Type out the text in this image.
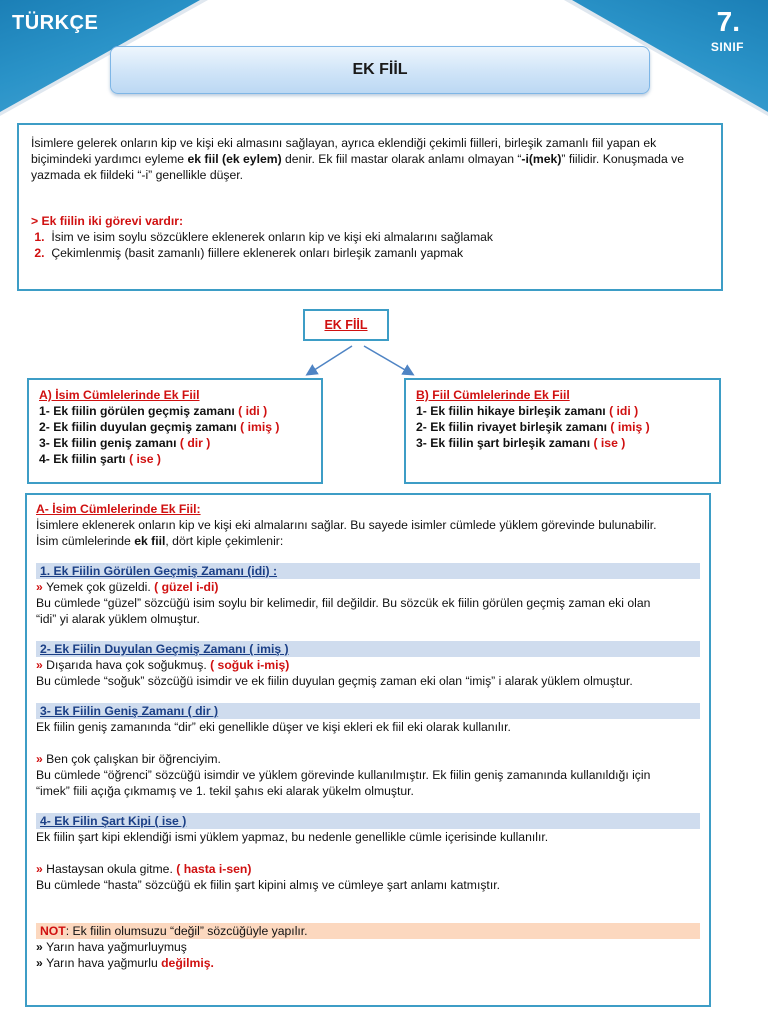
TÜRKÇE	7.
SINIF
EK FİİL
İsimlere gelerek onların kip ve kişi eki almasını sağlayan, ayrıca eklendiği çekimli fiilleri, birleşik zamanlı fiil yapan ek biçimindeki yardımcı eyleme ek fiil (ek eylem) denir. Ek fiil mastar olarak anlamı olmayan “-i(mek)” fiilidir. Konuşmada ve yazmada ek fiildeki “-i” genellikle düşer.
> Ek fiilin iki görevi vardır:
1. İsim ve isim soylu sözcüklere eklenerek onların kip ve kişi eki almalarını sağlamak
2. Çekimlenmiş (basit zamanlı) fiillere eklenerek onları birleşik zamanlı yapmak
EK FİİL
A) İsim Cümlelerinde Ek Fiil
1- Ek fiilin görülen geçmiş zamanı ( idi )
2- Ek fiilin duyulan geçmiş zamanı ( imiş )
3- Ek fiilin geniş zamanı ( dir )
4- Ek fiilin şartı ( ise )
B) Fiil Cümlelerinde Ek Fiil
1- Ek fiilin hikaye birleşik zamanı ( idi )
2- Ek fiilin rivayet birleşik zamanı ( imiş )
3- Ek fiilin şart birleşik zamanı ( ise )
A- İsim Cümlelerinde Ek Fiil:
İsimlere eklenerek onların kip ve kişi eki almalarını sağlar. Bu sayede isimler cümlede yüklem görevinde bulunabilir.
İsim cümlelerinde ek fiil, dört kiple çekimlenir:
1. Ek Fiilin Görülen Geçmiş Zamanı (idi) :
» Yemek çok güzeldi. ( güzel i-di)
Bu cümlede “güzel” sözcüğü isim soylu bir kelimedir, fiil değildir. Bu sözcük ek fiilin görülen geçmiş zaman eki olan
“idi” yi alarak yüklem olmuştur.
2- Ek Fiilin Duyulan Geçmiş Zamanı ( imiş )
» Dışarıda hava çok soğukmuş. ( soğuk i-miş)
Bu cümlede “soğuk” sözcüğü isimdir ve ek fiilin duyulan geçmiş zaman eki olan “imiş” i alarak yüklem olmuştur.
3- Ek Fiilin Geniş Zamanı ( dir )
Ek fiilin geniş zamanında “dir” eki genellikle düşer ve kişi ekleri ek fiil eki olarak kullanılır.
» Ben çok çalışkan bir öğrenciyim.
Bu cümlede “öğrenci” sözcüğü isimdir ve yüklem görevinde kullanılmıştır. Ek fiilin geniş zamanında kullanıldığı için
“imek” fiili açığa çıkmamış ve 1. tekil şahıs eki alarak yükelm olmuştur.
4- Ek Filin Şart Kipi ( ise )
Ek fiilin şart kipi eklendiği ismi yüklem yapmaz, bu nedenle genellikle cümle içerisinde kullanılır.
» Hastaysan okula gitme. ( hasta i-sen)
Bu cümlede “hasta” sözcüğü ek fiilin şart kipini almış ve cümleye şart anlamı katmıştır.
NOT: Ek fiilin olumsuzu “değil” sözcüğüyle yapılır.
» Yarın hava yağmurluymuş
» Yarın hava yağmurlu değilmiş.
